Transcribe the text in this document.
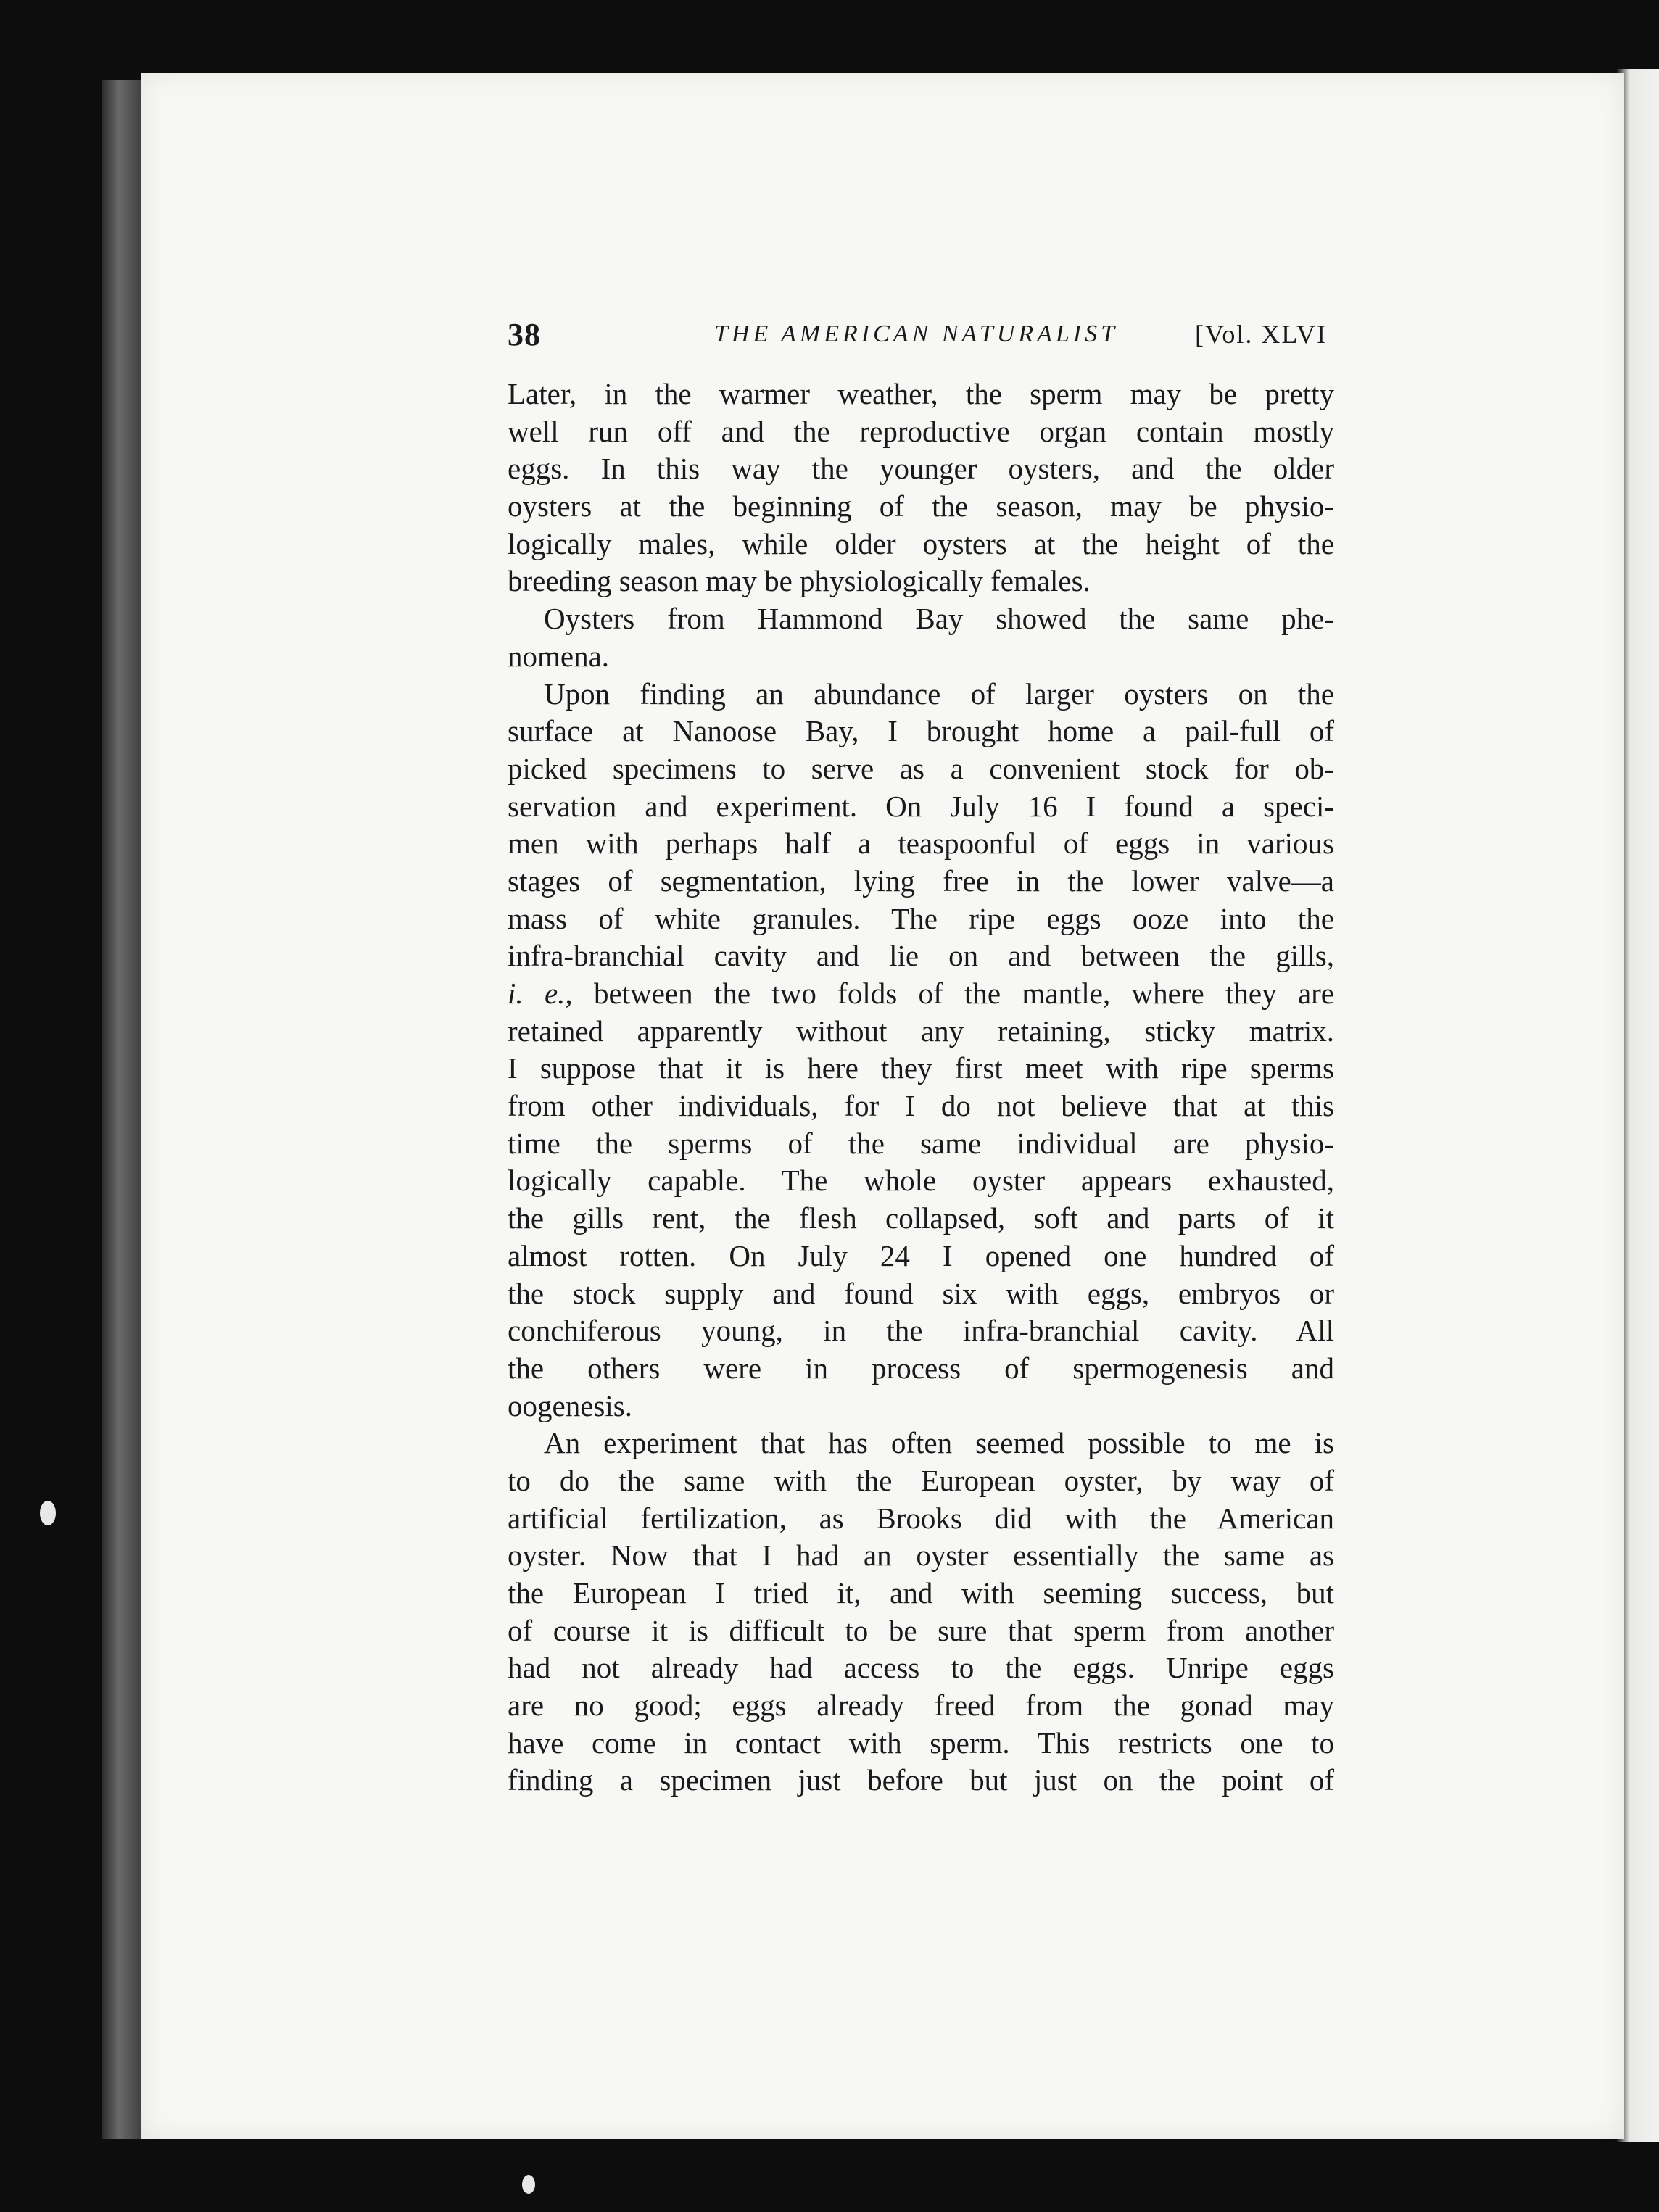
38	THE AMERICAN NATURALIST	[Vol. XLVI
Later, in the warmer weather, the sperm may be pretty
well run off and the reproductive organ contain mostly
eggs. In this way the younger oysters, and the older
oysters at the beginning of the season, may be physio-
logically males, while older oysters at the height of the
breeding season may be physiologically females.
Oysters from Hammond Bay showed the same phe-
nomena.
Upon finding an abundance of larger oysters on the
surface at Nanoose Bay, I brought home a pail-full of
picked specimens to serve as a convenient stock for ob-
servation and experiment. On July 16 I found a speci-
men with perhaps half a teaspoonful of eggs in various
stages of segmentation, lying free in the lower valve—a
mass of white granules. The ripe eggs ooze into the
infra-branchial cavity and lie on and between the gills,
i. e., between the two folds of the mantle, where they are
retained apparently without any retaining, sticky matrix.
I suppose that it is here they first meet with ripe sperms
from other individuals, for I do not believe that at this
time the sperms of the same individual are physio-
logically capable. The whole oyster appears exhausted,
the gills rent, the flesh collapsed, soft and parts of it
almost rotten. On July 24 I opened one hundred of
the stock supply and found six with eggs, embryos or
conchiferous young, in the infra-branchial cavity. All
the others were in process of spermogenesis and
oogenesis.
An experiment that has often seemed possible to me is
to do the same with the European oyster, by way of
artificial fertilization, as Brooks did with the American
oyster. Now that I had an oyster essentially the same as
the European I tried it, and with seeming success, but
of course it is difficult to be sure that sperm from another
had not already had access to the eggs. Unripe eggs
are no good; eggs already freed from the gonad may
have come in contact with sperm. This restricts one to
finding a specimen just before but just on the point of
